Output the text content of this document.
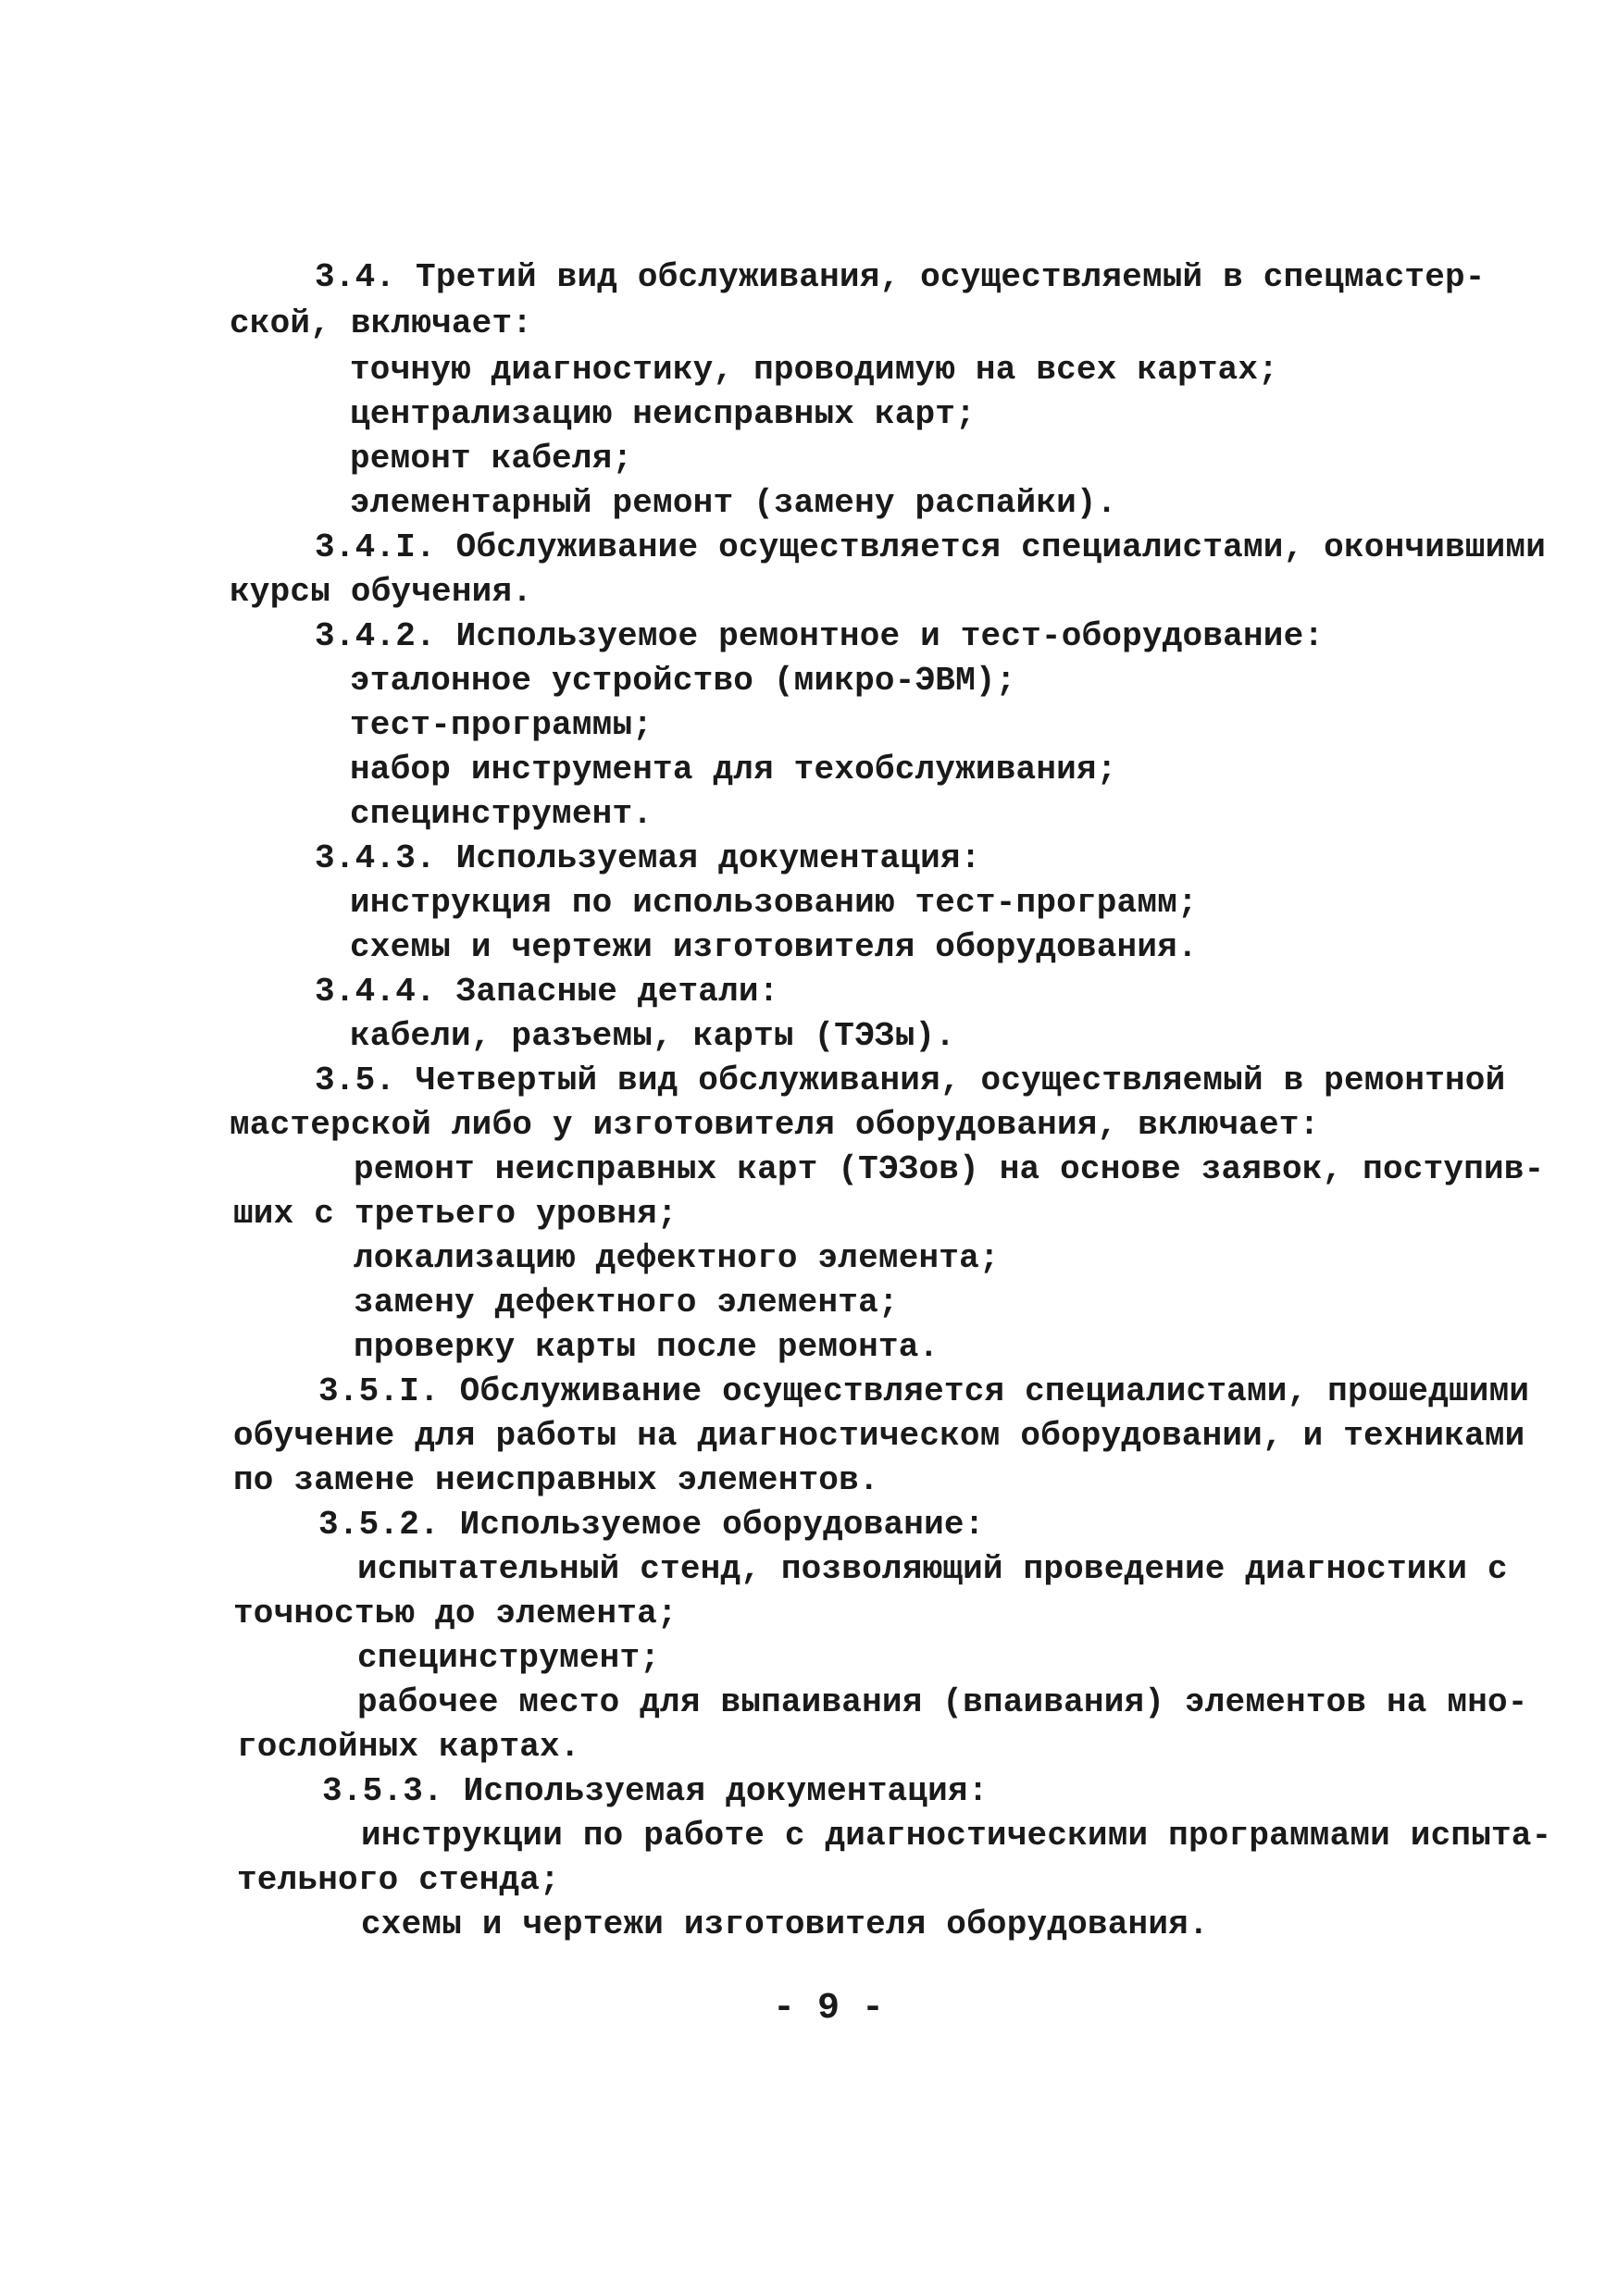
3.4. Третий вид обслуживания, осуществляемый в спецмастер-
ской, включает:
точную диагностику, проводимую на всех картах;
централизацию неисправных карт;
ремонт кабеля;
элементарный ремонт (замену распайки).
3.4.I. Обслуживание осуществляется специалистами, окончившими
курсы обучения.
3.4.2. Используемое ремонтное и тест-оборудование:
эталонное устройство (микро-ЭВМ);
тест-программы;
набор инструмента для техобслуживания;
специнструмент.
3.4.3. Используемая документация:
инструкция по использованию тест-программ;
схемы и чертежи изготовителя оборудования.
3.4.4. Запасные детали:
кабели, разъемы, карты (ТЭЗы).
3.5. Четвертый вид обслуживания, осуществляемый в ремонтной
мастерской либо у изготовителя оборудования, включает:
ремонт неисправных карт (ТЭЗов) на основе заявок, поступив-
ших с третьего уровня;
локализацию дефектного элемента;
замену дефектного элемента;
проверку карты после ремонта.
3.5.I. Обслуживание осуществляется специалистами, прошедшими
обучение для работы на диагностическом оборудовании, и техниками
по замене неисправных элементов.
3.5.2. Используемое оборудование:
испытательный стенд, позволяющий проведение диагностики с
точностью до элемента;
специнструмент;
рабочее место для выпаивания (впаивания) элементов на мно-
гослойных картах.
3.5.3. Используемая документация:
инструкции по работе с диагностическими программами испыта-
тельного стенда;
схемы и чертежи изготовителя оборудования.
- 9 -
